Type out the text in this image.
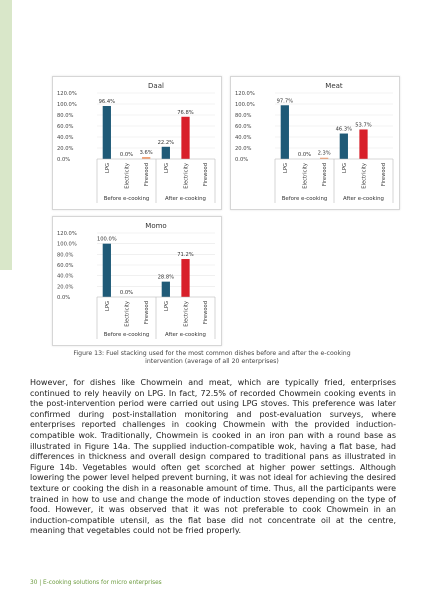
Daal
0.0%
20.0%
40.0%
60.0%
80.0%
100.0%
120.0%
96.4%
LPG
0.0%
Electricity
3.6%
Firewood
22.2%
LPG
76.8%
Electricity	Firewood
Before e-cooking	After e-cooking
Meat
0.0%
20.0%
40.0%
60.0%
80.0%
100.0%
120.0%
97.7%
LPG
0.0%
Electricity
2.3%
Firewood
46.3%
LPG
53.7%
Electricity	Firewood
Before e-cooking	After e-cooking
Momo
0.0%
20.0%
40.0%
60.0%
80.0%
100.0%
120.0%
100.0%
LPG
0.0%
Electricity	Firewood
28.8%
LPG
71.2%
Electricity	Firewood
Before e-cooking	After e-cooking
Figure 13: Fuel stacking used for the most common dishes before and after the e-cooking intervention (average of all 20 enterprises)
However, for dishes like Chowmein and meat, which are typically fried, enterprises continued to rely heavily on LPG. In fact, 72.5% of recorded Chowmein cooking events in the post-intervention period were carried out using LPG stoves. This preference was later confirmed during post-installation monitoring and post-evaluation surveys, where enterprises reported challenges in cooking Chowmein with the provided induction-compatible wok. Traditionally, Chowmein is cooked in an iron pan with a round base as illustrated in Figure 14a. The supplied induction-compatible wok, having a flat base, had differences in thickness and overall design compared to traditional pans as illustrated in Figure 14b. Vegetables would often get scorched at higher power settings. Although lowering the power level helped prevent burning, it was not ideal for achieving the desired texture or cooking the dish in a reasonable amount of time. Thus, all the participants were trained in how to use and change the mode of induction stoves depending on the type of food. However, it was observed that it was not preferable to cook Chowmein in an induction-compatible utensil, as the flat base did not concentrate oil at the centre, meaning that vegetables could not be fried properly.
30 | E-cooking solutions for micro enterprises
